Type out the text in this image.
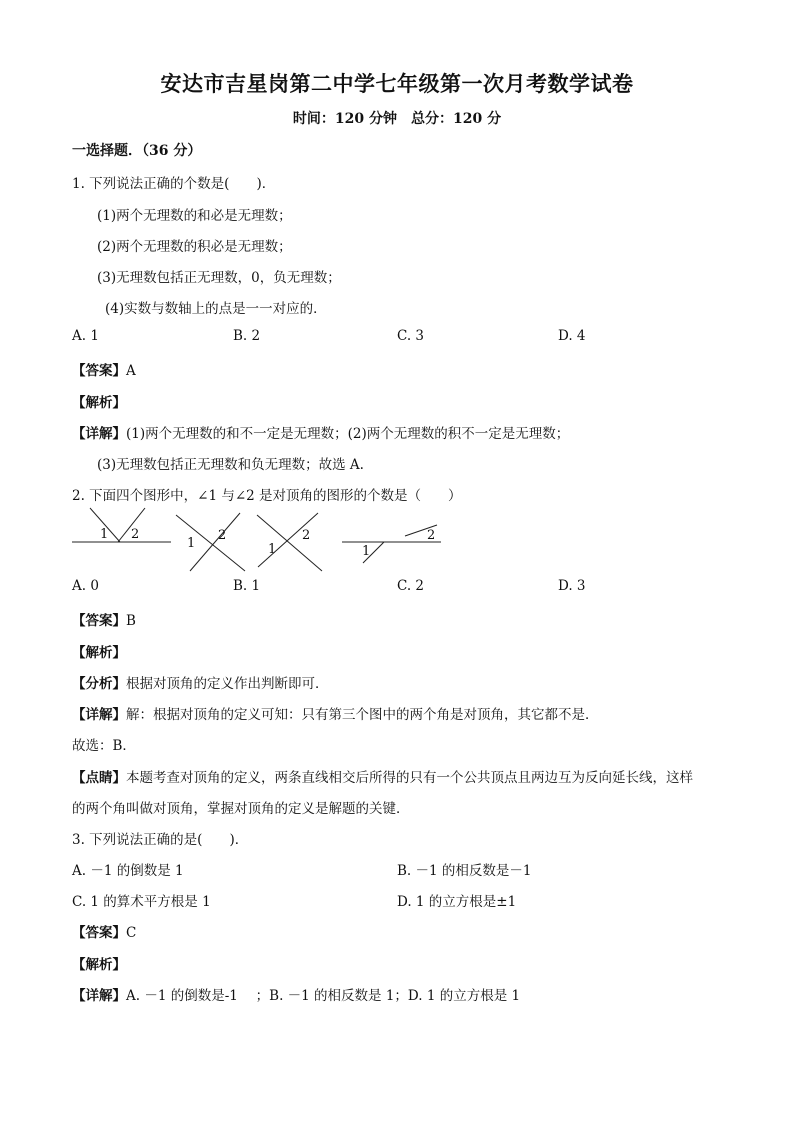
安达市吉星岗第二中学七年级第一次月考数学试卷
时间：120 分钟　总分：120 分
一选择题．（36 分）
1. 下列说法正确的个数是(　　)．
(1)两个无理数的和必是无理数；
(2)两个无理数的积必是无理数；
(3)无理数包括正无理数，0，负无理数；
(4)实数与数轴上的点是一一对应的．
A. 1	B. 2	C. 3	D. 4
【答案】A
【解析】
【详解】(1)两个无理数的和不一定是无理数；(2)两个无理数的积不一定是无理数；
(3)无理数包括正无理数和负无理数；故选 A.
2. 下面四个图形中，∠1 与∠2 是对顶角的图形的个数是（　　）
1 2
1
2
1
2
1
2
A. 0	B. 1	C. 2	D. 3
【答案】B
【解析】
【分析】根据对顶角的定义作出判断即可．
【详解】解：根据对顶角的定义可知：只有第三个图中的两个角是对顶角，其它都不是．
故选：B．
【点睛】本题考查对顶角的定义，两条直线相交后所得的只有一个公共顶点且两边互为反向延长线，这样
的两个角叫做对顶角，掌握对顶角的定义是解题的关键．
3. 下列说法正确的是(　　)．
A. －1 的倒数是 1	B. －1 的相反数是－1
C. 1 的算术平方根是 1	D. 1 的立方根是±1
【答案】C
【解析】
【详解】A. －1 的倒数是-1　 ；B. －1 的相反数是 1；D. 1 的立方根是 1
